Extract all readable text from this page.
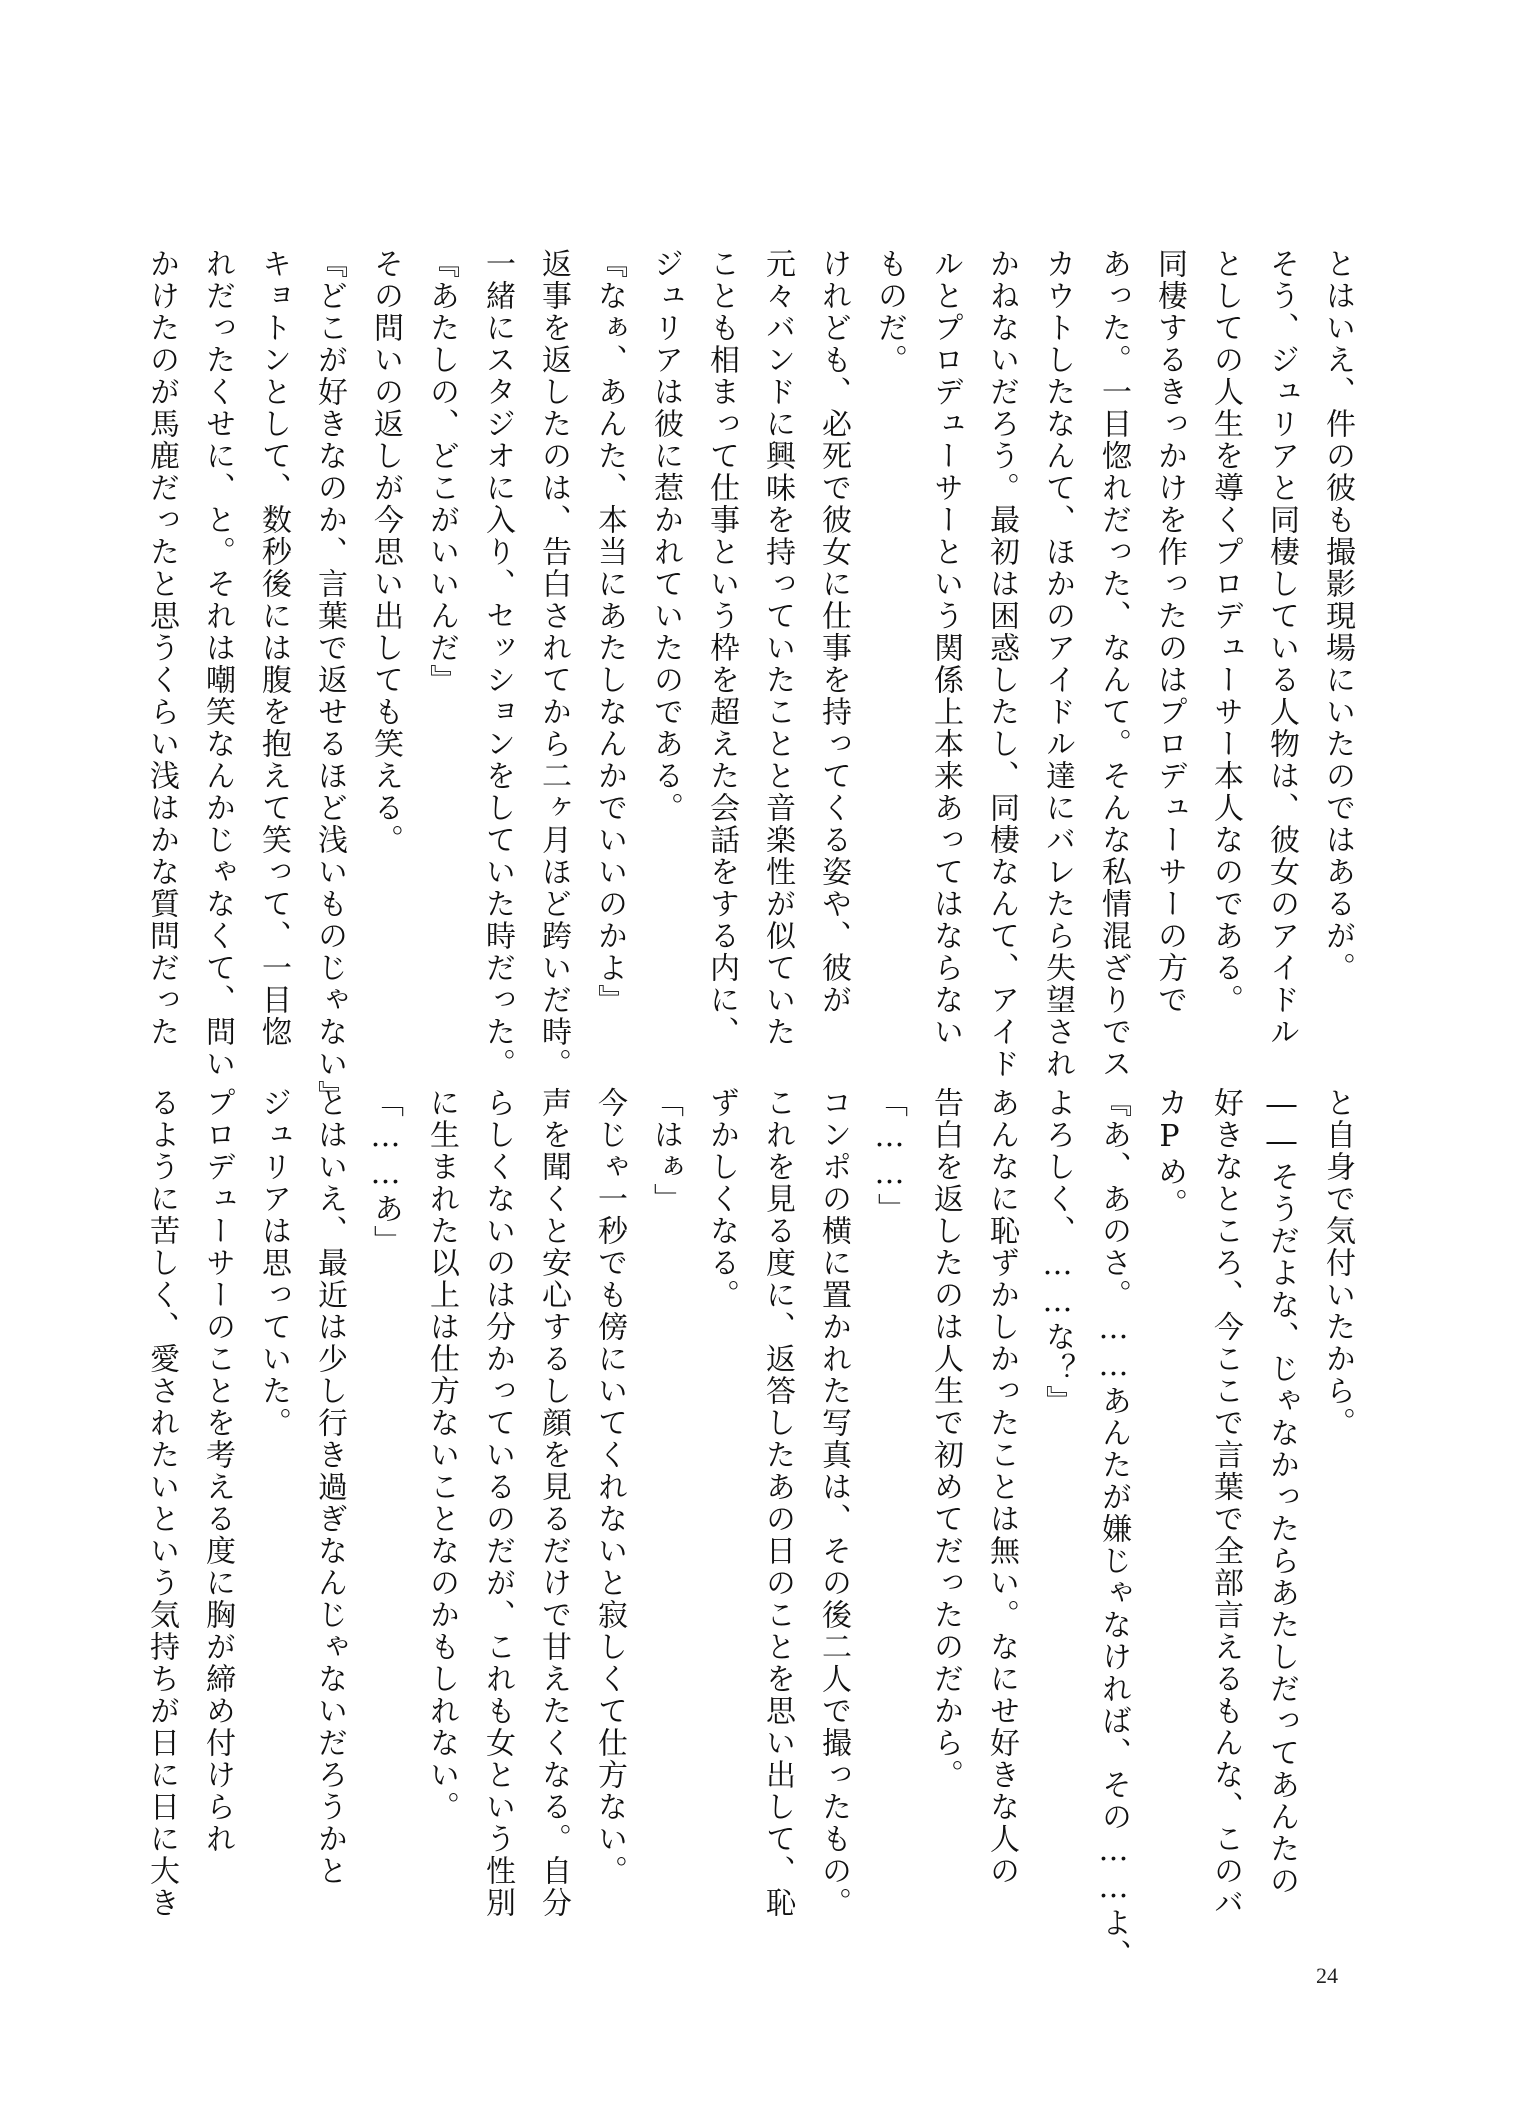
とはいえ、件の彼も撮影現場にいたのではあるが。
そう、ジュリアと同棲している人物は、彼女のアイドル
としての人生を導くプロデューサー本人なのである。
同棲するきっかけを作ったのはプロデューサーの方で
あった。一目惚れだった、なんて。そんな私情混ざりでス
カウトしたなんて、ほかのアイドル達にバレたら失望され
かねないだろう。最初は困惑したし、同棲なんて、アイド
ルとプロデューサーという関係上本来あってはならない
ものだ。
けれども、必死で彼女に仕事を持ってくる姿や、彼が
元々バンドに興味を持っていたことと音楽性が似ていた
ことも相まって仕事という枠を超えた会話をする内に、
ジュリアは彼に惹かれていたのである。
『なぁ、あんた、本当にあたしなんかでいいのかよ』
返事を返したのは、告白されてから二ヶ月ほど跨いだ時。
一緒にスタジオに入り、セッションをしていた時だった。
『あたしの、どこがいいんだ』
その問いの返しが今思い出しても笑える。
『どこが好きなのか、言葉で返せるほど浅いものじゃない』
キョトンとして、数秒後には腹を抱えて笑って、一目惚
れだったくせに、と。それは嘲笑なんかじゃなくて、問い
かけたのが馬鹿だったと思うくらい浅はかな質問だった
と自身で気付いたから。
――そうだよな、じゃなかったらあたしだってあんたの
好きなところ、今ここで言葉で全部言えるもんな、このバ
カPめ。
『あ、あのさ。……あんたが嫌じゃなければ、その……よ、
よろしく、……な？』
あんなに恥ずかしかったことは無い。なにせ好きな人の
告白を返したのは人生で初めてだったのだから。
「……」
コンポの横に置かれた写真は、その後二人で撮ったもの。
これを見る度に、返答したあの日のことを思い出して、恥
ずかしくなる。
「はぁ」
今じゃ一秒でも傍にいてくれないと寂しくて仕方ない。
声を聞くと安心するし顔を見るだけで甘えたくなる。自分
らしくないのは分かっているのだが、これも女という性別
に生まれた以上は仕方ないことなのかもしれない。
「……あ」
とはいえ、最近は少し行き過ぎなんじゃないだろうかと
ジュリアは思っていた。
プロデューサーのことを考える度に胸が締め付けられ
るように苦しく、愛されたいという気持ちが日に日に大き
24
